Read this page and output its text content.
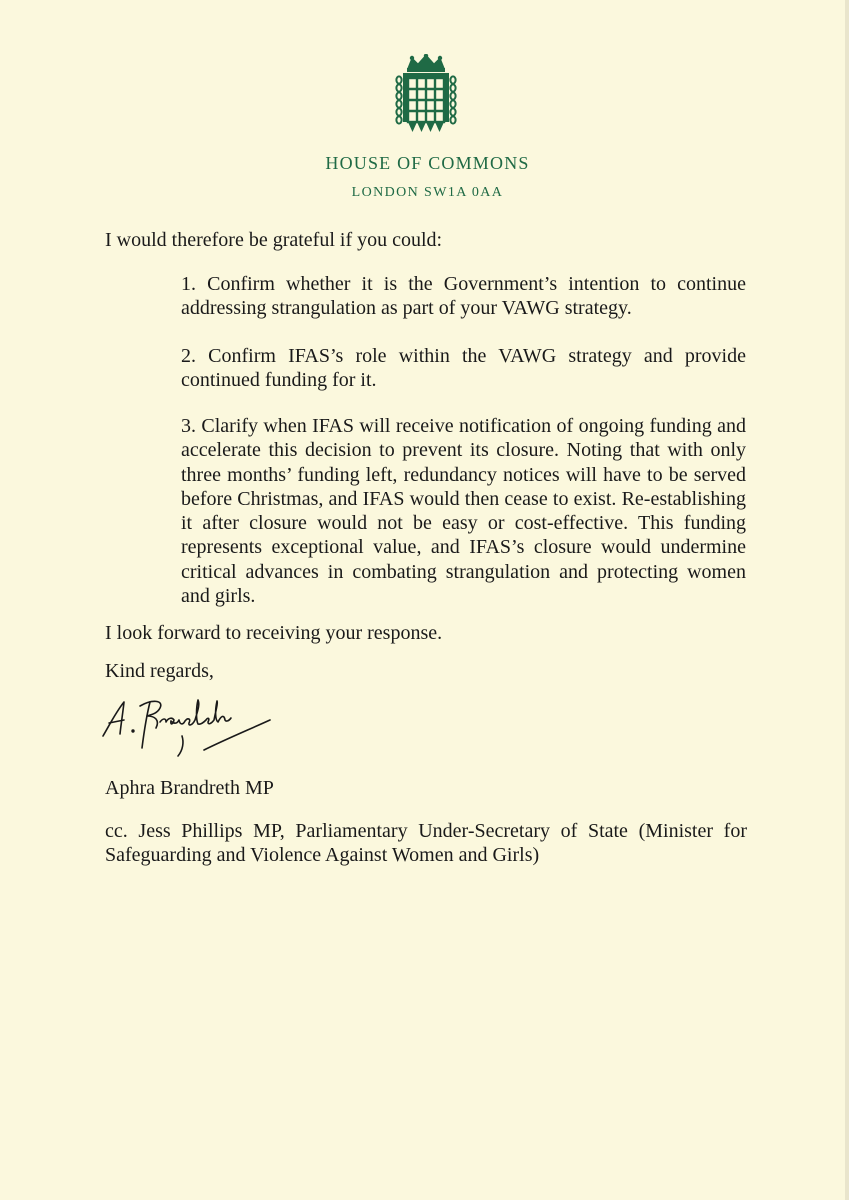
HOUSE OF COMMONS

LONDON SW1A 0AA

I would therefore be grateful if you could:

1. Confirm whether it is the Government’s intention to continue addressing strangulation as part of your VAWG strategy.

2. Confirm IFAS’s role within the VAWG strategy and provide continued funding for it.

3. Clarify when IFAS will receive notification of ongoing funding and accelerate this decision to prevent its closure. Noting that with only three months’ funding left, redundancy notices will have to be served before Christmas, and IFAS would then cease to exist. Re-establishing it after closure would not be easy or cost-effective. This funding represents exceptional value, and IFAS’s closure would undermine critical advances in combating strangulation and protecting women and girls.

I look forward to receiving your response.

Kind regards,

Aphra Brandreth MP

cc. Jess Phillips MP, Parliamentary Under-Secretary of State (Minister for Safeguarding and Violence Against Women and Girls)
